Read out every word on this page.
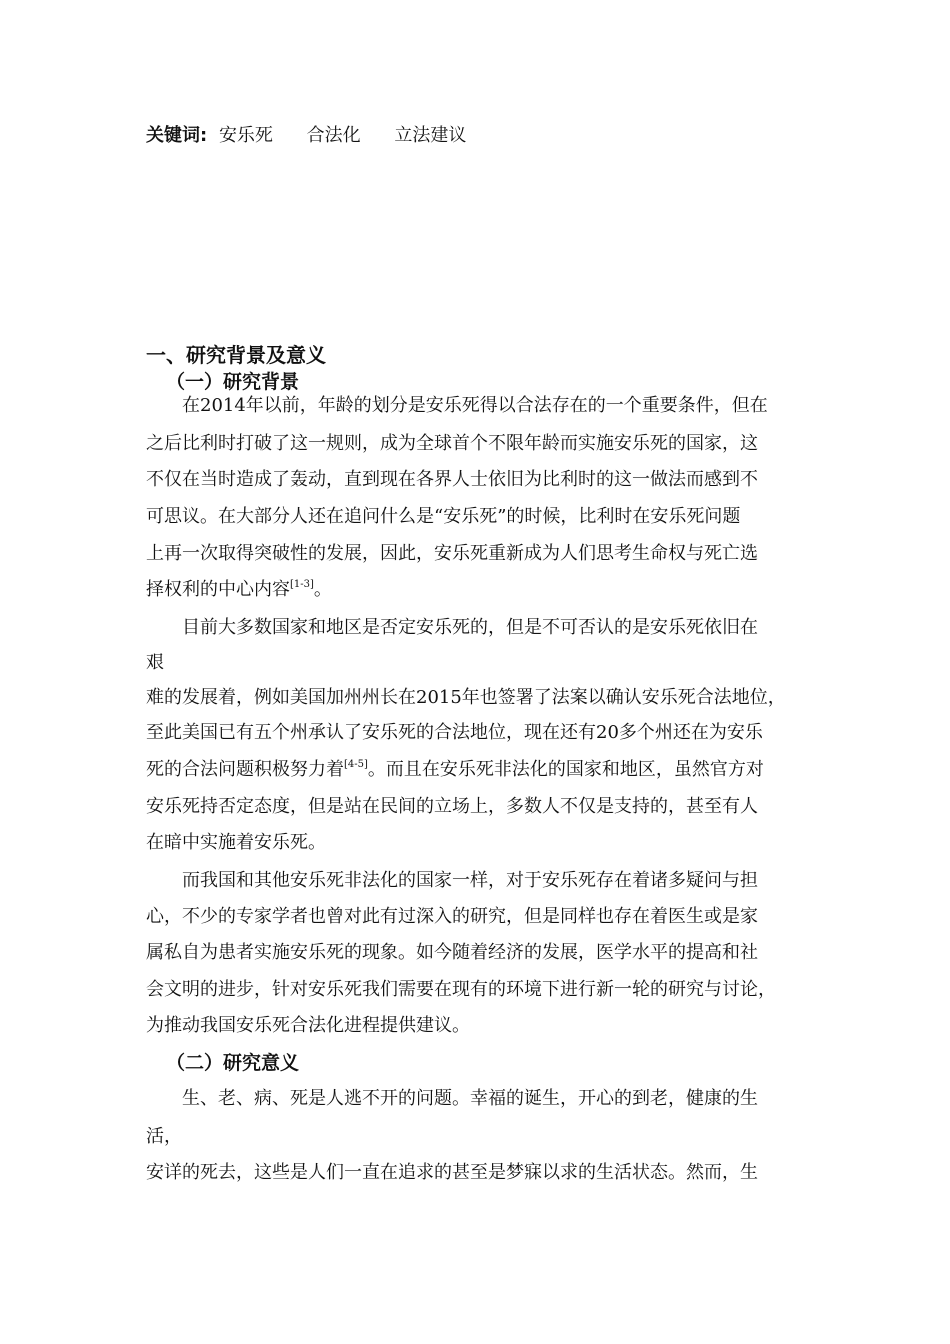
关键词: 安乐死 合法化 立法建议
一、研究背景及意义
（一）研究背景
在2014年以前，年龄的划分是安乐死得以合法存在的一个重要条件，但在
之后比利时打破了这一规则，成为全球首个不限年龄而实施安乐死的国家，这
不仅在当时造成了轰动，直到现在各界人士依旧为比利时的这一做法而感到不
可思议。在大部分人还在追问什么是“安乐死”的时候，比利时在安乐死问题
上再一次取得突破性的发展，因此，安乐死重新成为人们思考生命权与死亡选
择权利的中心内容[1-3]。
目前大多数国家和地区是否定安乐死的，但是不可否认的是安乐死依旧在
艰
难的发展着，例如美国加州州长在2015年也签署了法案以确认安乐死合法地位，
至此美国已有五个州承认了安乐死的合法地位，现在还有20多个州还在为安乐
死的合法问题积极努力着[4-5]。而且在安乐死非法化的国家和地区，虽然官方对
安乐死持否定态度，但是站在民间的立场上，多数人不仅是支持的，甚至有人
在暗中实施着安乐死。
而我国和其他安乐死非法化的国家一样，对于安乐死存在着诸多疑问与担
心，不少的专家学者也曾对此有过深入的研究，但是同样也存在着医生或是家
属私自为患者实施安乐死的现象。如今随着经济的发展，医学水平的提高和社
会文明的进步，针对安乐死我们需要在现有的环境下进行新一轮的研究与讨论，
为推动我国安乐死合法化进程提供建议。
（二）研究意义
生、老、病、死是人逃不开的问题。幸福的诞生，开心的到老，健康的生
活，
安详的死去，这些是人们一直在追求的甚至是梦寐以求的生活状态。然而，生
